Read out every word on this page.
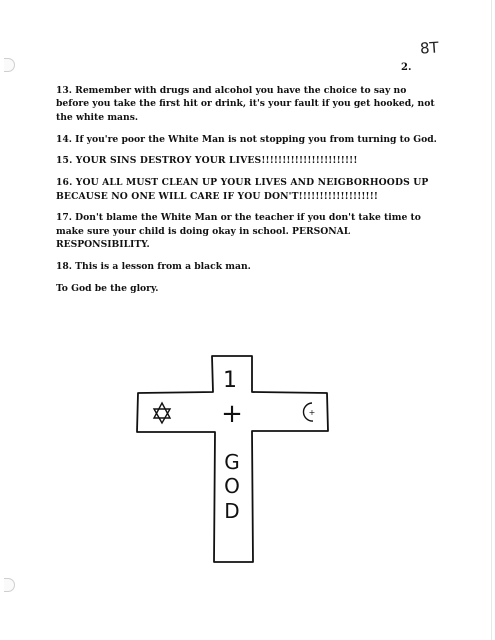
8T
2.

13. Remember with drugs and alcohol you have the choice to say no before you take the first hit or drink, it's your fault if you get hooked, not the white mans.

14. If you're poor the White Man is not stopping you from turning to God.

15. YOUR SINS DESTROY YOUR LIVES!!!!!!!!!!!!!!!!!!!!!!!

16. YOU ALL MUST CLEAN UP YOUR LIVES AND NEIGBORHOODS UP BECAUSE NO ONE WILL CARE IF YOU DON'T!!!!!!!!!!!!!!!!!!!

17. Don't blame the White Man or the teacher if you don't take time to make sure your child is doing okay in school. PERSONAL RESPONSIBILITY.

18. This is a lesson from a black man.

To God be the glory.

1
+
G
O
D
+
